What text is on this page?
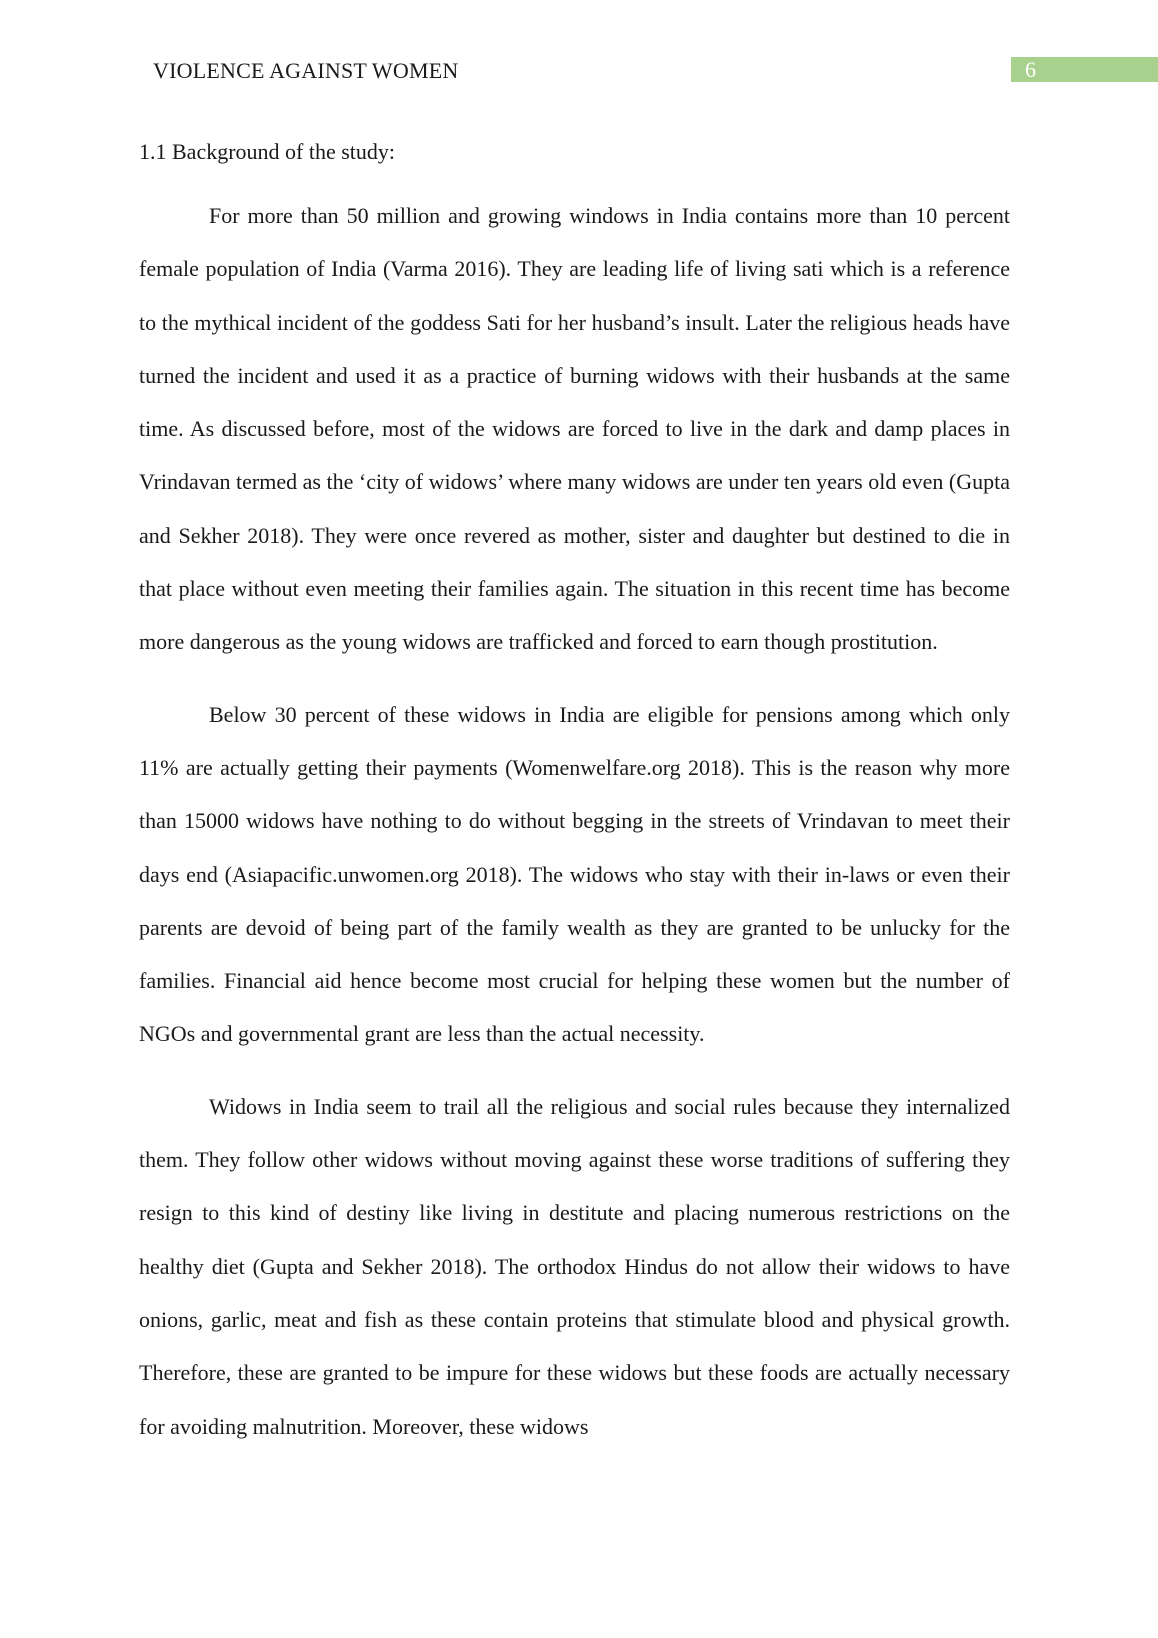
VIOLENCE AGAINST WOMEN	6
1.1 Background of the study:

For more than 50 million and growing windows in India contains more than 10 percent female population of India (Varma 2016). They are leading life of living sati which is a reference to the mythical incident of the goddess Sati for her husband’s insult. Later the religious heads have turned the incident and used it as a practice of burning widows with their husbands at the same time. As discussed before, most of the widows are forced to live in the dark and damp places in Vrindavan termed as the ‘city of widows’ where many widows are under ten years old even (Gupta and Sekher 2018). They were once revered as mother, sister and daughter but destined to die in that place without even meeting their families again. The situation in this recent time has become more dangerous as the young widows are trafficked and forced to earn though prostitution.

Below 30 percent of these widows in India are eligible for pensions among which only 11% are actually getting their payments (Womenwelfare.org 2018). This is the reason why more than 15000 widows have nothing to do without begging in the streets of Vrindavan to meet their days end (Asiapacific.unwomen.org 2018). The widows who stay with their in-laws or even their parents are devoid of being part of the family wealth as they are granted to be unlucky for the families. Financial aid hence become most crucial for helping these women but the number of NGOs and governmental grant are less than the actual necessity.

Widows in India seem to trail all the religious and social rules because they internalized them. They follow other widows without moving against these worse traditions of suffering they resign to this kind of destiny like living in destitute and placing numerous restrictions on the healthy diet (Gupta and Sekher 2018). The orthodox Hindus do not allow their widows to have onions, garlic, meat and fish as these contain proteins that stimulate blood and physical growth. Therefore, these are granted to be impure for these widows but these foods are actually necessary for avoiding malnutrition. Moreover, these widows
